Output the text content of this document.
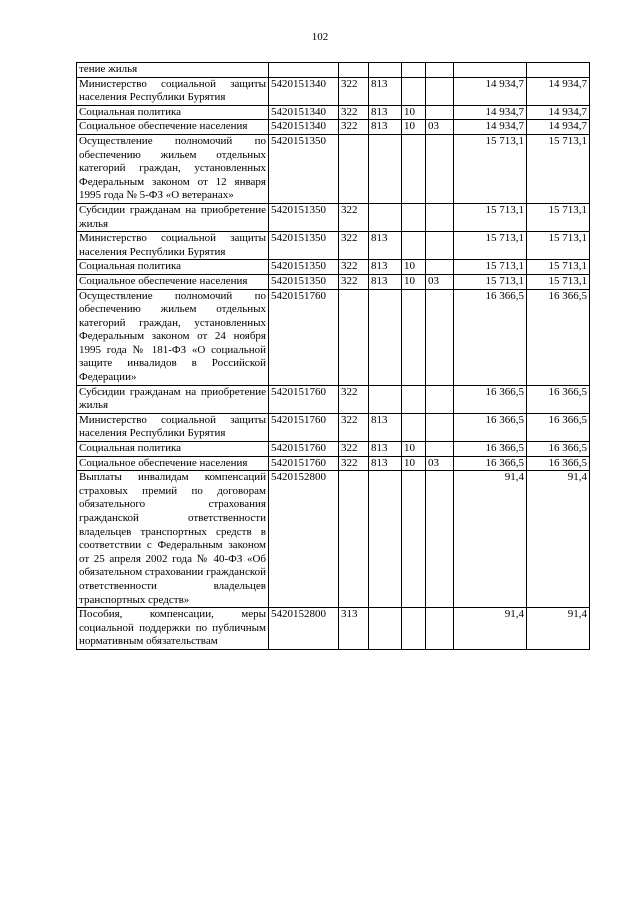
102
тение жилья							
Министерство социальной защиты населения Республики Бурятия	5420151340	322	813			14 934,7	14 934,7
Социальная политика	5420151340	322	813	10		14 934,7	14 934,7
Социальное обеспечение населения	5420151340	322	813	10	03	14 934,7	14 934,7
Осуществление полномочий по обеспечению жильем отдельных категорий граждан, установленных Федеральным законом от 12 января 1995 года № 5-ФЗ «О ветеранах»	5420151350					15 713,1	15 713,1
Субсидии гражданам на приобретение жилья	5420151350	322				15 713,1	15 713,1
Министерство социальной защиты населения Республики Бурятия	5420151350	322	813			15 713,1	15 713,1
Социальная политика	5420151350	322	813	10		15 713,1	15 713,1
Социальное обеспечение населения	5420151350	322	813	10	03	15 713,1	15 713,1
Осуществление полномочий по обеспечению жильем отдельных категорий граждан, установленных Федеральным законом от 24 ноября 1995 года № 181-ФЗ «О социальной защите инвалидов в Российской Федерации»	5420151760					16 366,5	16 366,5
Субсидии гражданам на приобретение жилья	5420151760	322				16 366,5	16 366,5
Министерство социальной защиты населения Республики Бурятия	5420151760	322	813			16 366,5	16 366,5
Социальная политика	5420151760	322	813	10		16 366,5	16 366,5
Социальное обеспечение населения	5420151760	322	813	10	03	16 366,5	16 366,5
Выплаты инвалидам компенсаций страховых премий по договорам обязательного страхования гражданской ответственности владельцев транспортных средств в соответствии с Федеральным законом от 25 апреля 2002 года № 40-ФЗ «Об обязательном страховании гражданской ответственности владельцев транспортных средств»	5420152800					91,4	91,4
Пособия, компенсации, меры социальной поддержки по публичным нормативным обязательствам	5420152800	313				91,4	91,4
